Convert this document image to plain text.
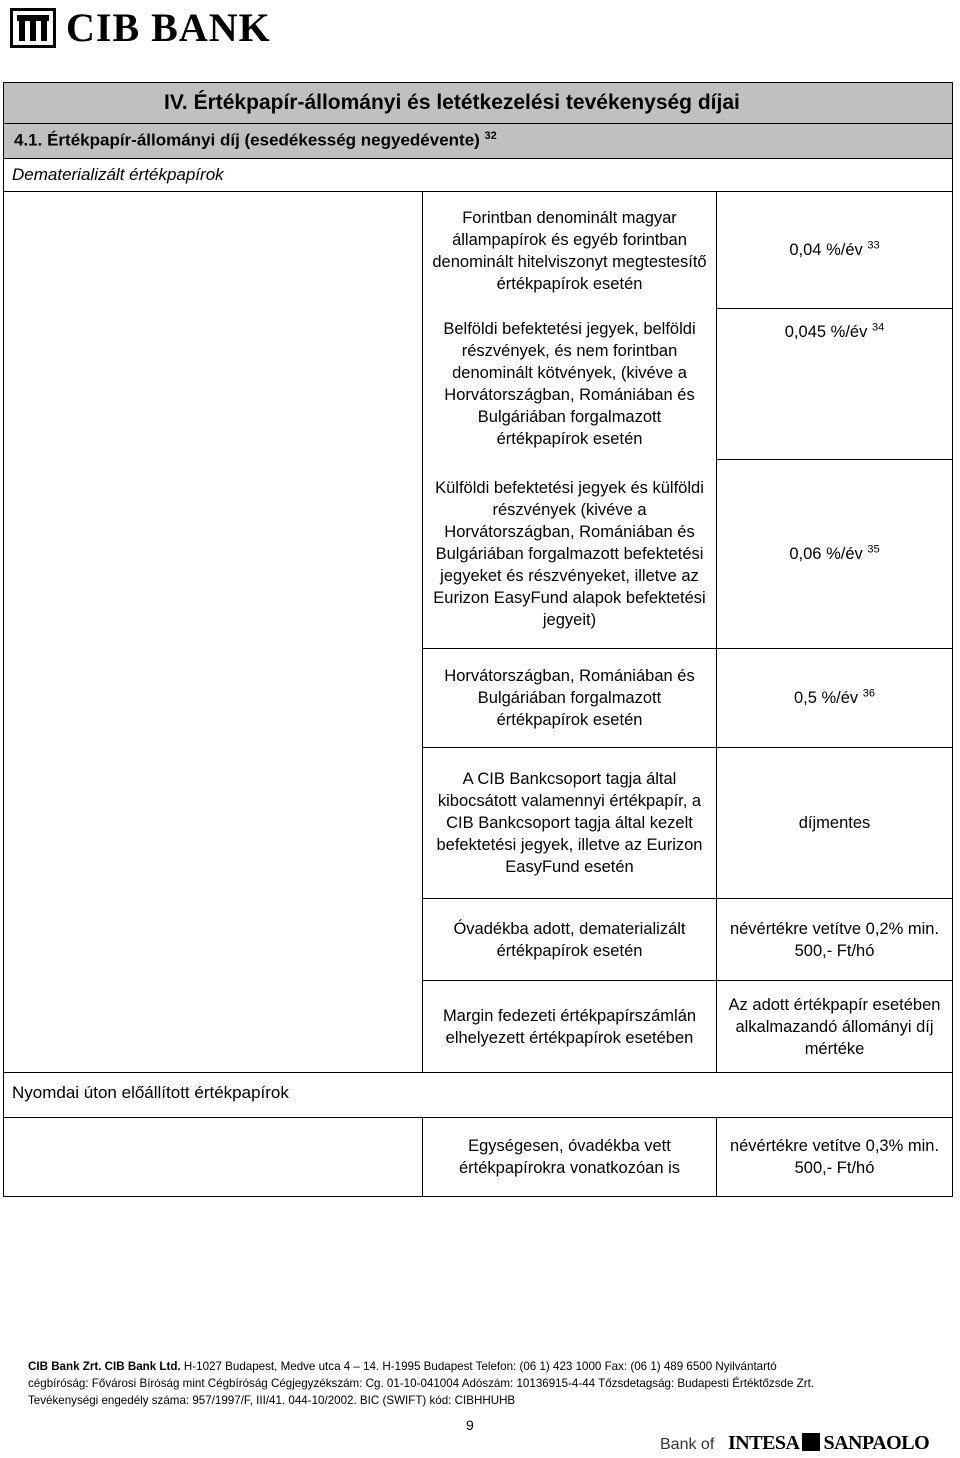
CIB BANK
IV. Értékpapír-állományi és letétkezelési tevékenység díjai
4.1. Értékpapír-állományi díj (esedékesség negyedévente) $^{32}$
Dematerializált értékpapírok
Forintban denominált magyar állampapírok és egyéb forintban denominált hitelviszonyt megtestesítő értékpapírok esetén
0,04 %/év $^{33}$
Belföldi befektetési jegyek, belföldi részvények, és nem forintban denominált kötvények, (kivéve a Horvátországban, Romániában és Bulgáriában forgalmazott értékpapírok esetén
0,045 %/év $^{34}$
Külföldi befektetési jegyek és külföldi részvények (kivéve a Horvátországban, Romániában és Bulgáriában forgalmazott befektetési jegyeket és részvényeket, illetve az Eurizon EasyFund alapok befektetési jegyeit)
0,06 %/év $^{35}$
Horvátországban, Romániában és Bulgáriában forgalmazott értékpapírok esetén
0,5 %/év $^{36}$
A CIB Bankcsoport tagja által kibocsátott valamennyi értékpapír, a CIB Bankcsoport tagja által kezelt befektetési jegyek, illetve az Eurizon EasyFund esetén
díjmentes
Óvadékba adott, dematerializált értékpapírok esetén
névértékre vetítve 0,2% min. 500,- Ft/hó
Margin fedezeti értékpapírszámlán elhelyezett értékpapírok esetében
Az adott értékpapír esetében alkalmazandó állományi díj mértéke
Nyomdai úton előállított értékpapírok
Egységesen, óvadékba vett értékpapírokra vonatkozóan is
névértékre vetítve 0,3% min. 500,- Ft/hó
CIB Bank Zrt. CIB Bank Ltd. H-1027 Budapest, Medve utca 4 – 14. H-1995 Budapest Telefon: (06 1) 423 1000 Fax: (06 1) 489 6500 Nyilvántartó
cégbíróság: Fővárosi Bíróság mint Cégbíróság Cégjegyzékszám: Cg. 01-10-041004 Adószám: 10136915-4-44 Tőzsdetagság: Budapesti Értéktőzsde Zrt.
Tevékenységi engedély száma: 957/1997/F, III/41. 044-10/2002. BIC (SWIFT) kód: CIBHHUHB
9
Bank of INTESA SANPAOLO
